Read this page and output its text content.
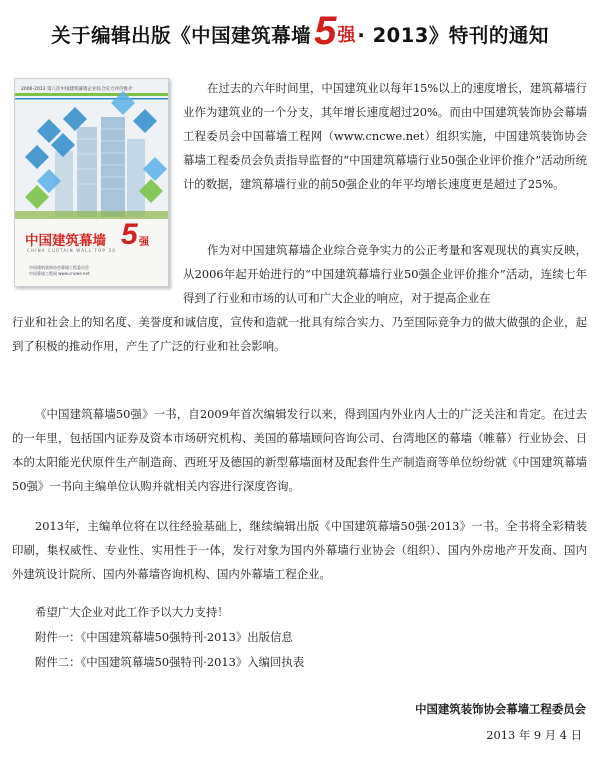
关于编辑出版《中国建筑幕墙 5 强 · 2013》特刊的通知
2006-2013 第八次中国建筑幕墙企业综合实力评价推介
中国建筑幕墙 5 强
CHINA CURTAIN WALL TOP 50
中国建筑装饰协会幕墙工程委员会
中国幕墙工程网 www.cncwe.net

在过去的六年时间里，中国建筑业以每年15%以上的速度增长，建筑幕墙行业作为建筑业的一个分支，其年增长速度超过20%。而由中国建筑装饰协会幕墙工程委员会中国幕墙工程网（www.cncwe.net）组织实施，中国建筑装饰协会幕墙工程委员会负责指导监督的“中国建筑幕墙行业50强企业评价推介”活动所统计的数据，建筑幕墙行业的前50强企业的年平均增长速度更是超过了25%。

作为对中国建筑幕墙企业综合竞争实力的公正考量和客观现状的真实反映，从2006年起开始进行的“中国建筑幕墙行业50强企业评价推介”活动，连续七年得到了行业和市场的认可和广大企业的响应，对于提高企业在

行业和社会上的知名度、美誉度和诚信度，宣传和造就一批具有综合实力、乃至国际竞争力的做大做强的企业，起到了积极的推动作用，产生了广泛的行业和社会影响。

《中国建筑幕墙50强》一书，自2009年首次编辑发行以来，得到国内外业内人士的广泛关注和肯定。在过去的一年里，包括国内证券及资本市场研究机构、美国的幕墙顾问咨询公司、台湾地区的幕墙（帷幕）行业协会、日本的太阳能光伏原件生产制造商、西班牙及德国的新型幕墙面材及配套件生产制造商等单位纷纷就《中国建筑幕墙50强》一书向主编单位认购并就相关内容进行深度咨询。

2013年，主编单位将在以往经验基础上，继续编辑出版《中国建筑幕墙50强·2013》一书。全书将全彩精装印刷，集权威性、专业性、实用性于一体，发行对象为国内外幕墙行业协会（组织）、国内外房地产开发商、国内外建筑设计院所、国内外幕墙咨询机构、国内外幕墙工程企业。

希望广大企业对此工作予以大力支持！

附件一：《中国建筑幕墙50强特刊·2013》出版信息

附件二：《中国建筑幕墙50强特刊·2013》入编回执表

中国建筑装饰协会幕墙工程委员会
2013 年 9 月 4 日
